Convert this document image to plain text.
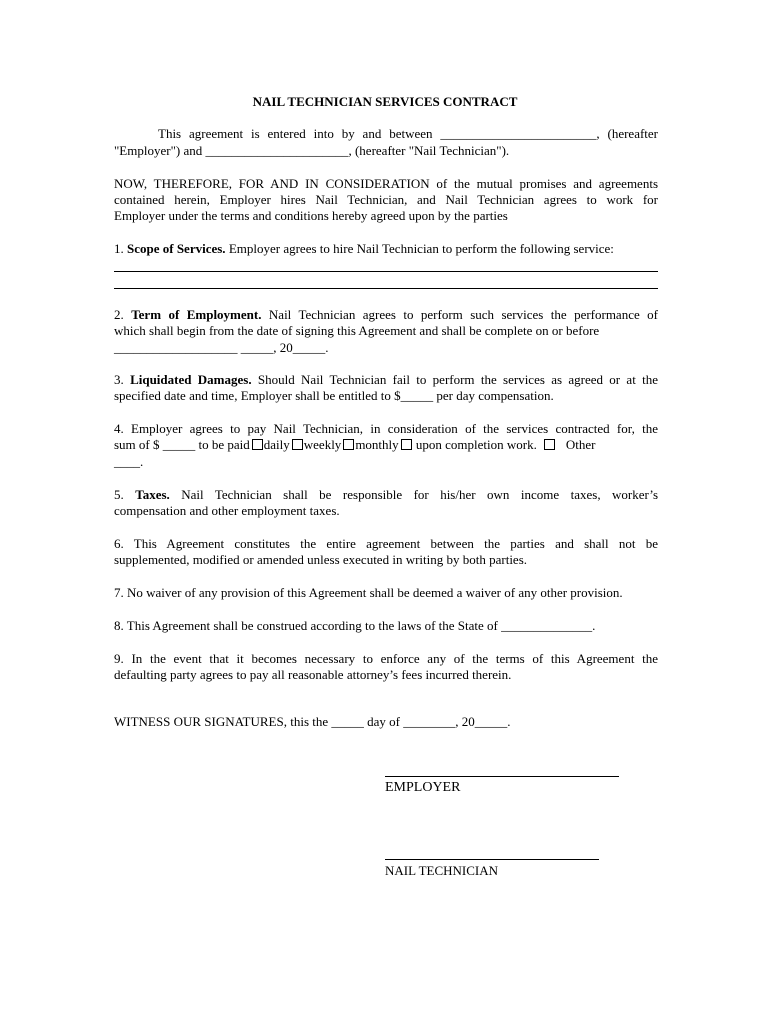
NAIL TECHNICIAN SERVICES CONTRACT
This agreement is entered into by and between ________________________, (hereafter
"Employer") and ______________________, (hereafter "Nail Technician").
NOW, THEREFORE, FOR AND IN CONSIDERATION of the mutual promises and agreements
contained herein, Employer hires Nail Technician, and Nail Technician agrees to work for
Employer under the terms and conditions hereby agreed upon by the parties
1. Scope of Services. Employer agrees to hire Nail Technician to perform the following service:
2. Term of Employment. Nail Technician agrees to perform such services the performance of
which shall begin from the date of signing this Agreement and shall be complete on or before
___________________ _____, 20_____.
3. Liquidated Damages. Should Nail Technician fail to perform the services as agreed or at the
specified date and time, Employer shall be entitled to $_____ per day compensation.
4. Employer agrees to pay Nail Technician, in consideration of the services contracted for, the
sum of $ _____ to be paid daily weekly monthly upon completion work. Other
____.
5. Taxes. Nail Technician shall be responsible for his/her own income taxes, worker’s
compensation and other employment taxes.
6. This Agreement constitutes the entire agreement between the parties and shall not be
supplemented, modified or amended unless executed in writing by both parties.
7. No waiver of any provision of this Agreement shall be deemed a waiver of any other provision.
8. This Agreement shall be construed according to the laws of the State of ______________.
9. In the event that it becomes necessary to enforce any of the terms of this Agreement the
defaulting party agrees to pay all reasonable attorney’s fees incurred therein.
WITNESS OUR SIGNATURES, this the _____ day of ________, 20_____.
EMPLOYER
NAIL TECHNICIAN
